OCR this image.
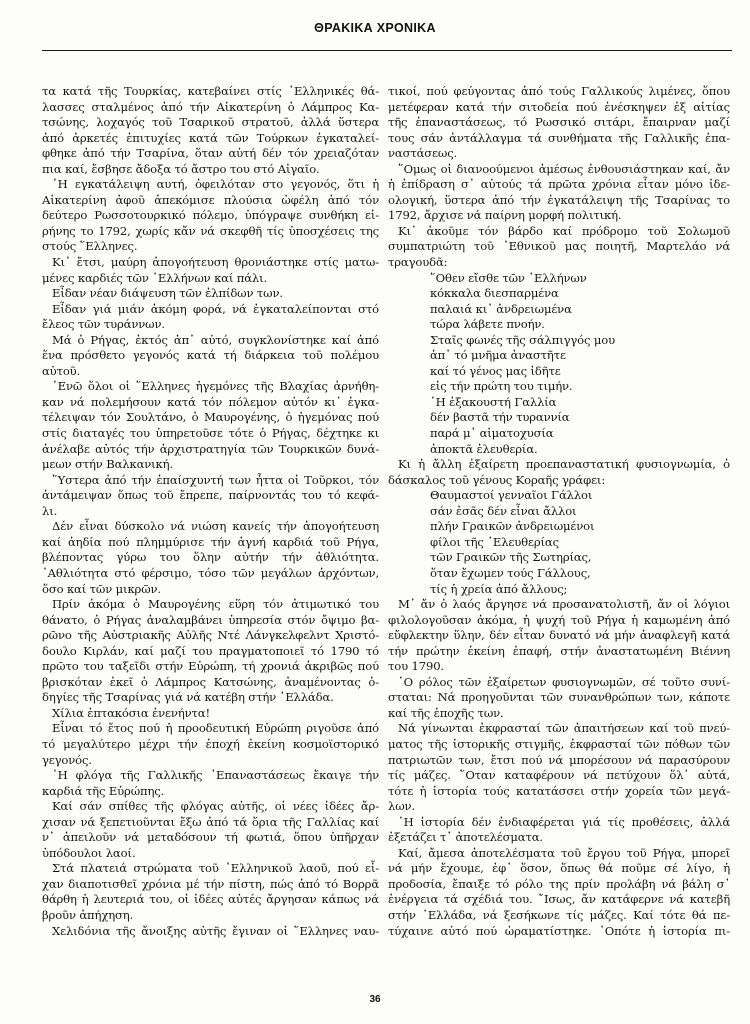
ΘΡΑΚΙΚΑ ΧΡΟΝΙΚΑ
τα κατά τῆς Τουρκίας, κατεβαίνει στίς ῾Ελληνικές θά-
λασσες σταλμένος ἀπό τήν Αἰκατερίνη ὁ Λάμπρος Κα-
τσώνης, λοχαγός τοῦ Τσαρικοῦ στρατοῦ, ἀλλά ὕστερα
ἀπό ἀρκετές ἐπιτυχίες κατά τῶν Τούρκων ἐγκαταλεί-
φθηκε ἀπό τήν Τσαρίνα, ὅταν αὐτή δέν τόν χρειαζόταν
πια καί, ἔσβησε ἄδοξα τό ἄστρο του στό Αἰγαῖο.
῾Η εγκατάλειψη αυτή, ὀφειλόταν στο γεγονός, ὅτι ἡ
Αἰκατερίνη ἀφοῦ ἀπεκόμισε πλούσια ὠφέλη ἀπό τόν
δεύτερο Ρωσσοτουρκικό πόλεμο, ὑπόγραψε συνθήκη εἰ-
ρήνης το 1792, χωρίς κἄν νά σκεφθῆ τίς ὑποσχέσεις της
στούς ῞Ελληνες.
Κι᾿ ἔτσι, μαύρη ἀπογοήτευση θρονιάστηκε στίς ματω-
μένες καρδιές τῶν ῾Ελλήνων καί πάλι.
Εἶδαν νέαν διάψευση τῶν ἐλπίδων των.
Εἶδαν γιά μιάν ἀκόμη φορά, νά ἐγκαταλείπονται στό
ἔλεος τῶν τυράννων.
Μά ὁ Ρήγας, ἐκτός ἀπ᾿ αὐτό, συγκλονίστηκε καί ἀπό
ἕνα πρόσθετο γεγονός κατά τή διάρκεια τοῦ πολέμου
αὐτοῦ.
῾Ενῶ ὅλοι οἱ ῞Ελληνες ἡγεμόνες τῆς Βλαχίας ἀρνήθη-
καν νά πολεμήσουν κατά τόν πόλεμον αὐτόν κι᾿ ἐγκα-
τέλειψαν τόν Σουλτάνο, ὁ Μαυρογένης, ὁ ἡγεμόνας πού
στίς διαταγές του ὑπηρετοῦσε τότε ὁ Ρήγας, δέχτηκε κι
ἀνέλαβε αὐτός τήν ἀρχιστρατηγία τῶν Τουρκικῶν δυνά-
μεων στήν Βαλκανική.
῞Υστερα ἀπό τήν ἐπαίσχυντή των ἧττα οἱ Τοῦρκοι, τόν
ἀντάμειψαν ὅπως τοῦ ἔπρεπε, παίρνοντάς του τό κεφά-
λι.
Δέν εἶναι δύσκολο νά νιώση κανείς τήν ἀπογοήτευση
καί ἀηδία πού πλημμύρισε τήν ἁγνή καρδιά τοῦ Ρήγα,
βλέποντας γύρω του ὅλην αὐτήν τήν ἀθλιότητα.
᾿Αθλιότητα στό φέρσιμο, τόσο τῶν μεγάλων ἀρχόντων,
ὅσο καί τῶν μικρῶν.
Πρίν ἀκόμα ὁ Μαυρογένης εὕρη τόν ἀτιμωτικό του
θάνατο, ὁ Ρήγας ἀναλαμβάνει ὑπηρεσία στόν ὄψιμο βα-
ρῶνο τῆς Αὐστριακῆς Αὐλῆς Ντέ Λάνγκελφελντ Χριστό-
δουλο Κιρλάν, καί μαζί του πραγματοποιεῖ τό 1790 τό
πρῶτο του ταξεῖδι στήν Εὐρώπη, τή χρονιά ἀκριβῶς πού
βρισκόταν ἐκεῖ ὁ Λάμπρος Κατσώνης, ἀναμένοντας ὁ-
δηγίες τῆς Τσαρίνας γιά νά κατέβη στήν ῾Ελλάδα.
Χίλια ἑπτακόσια ἐνενήντα!
Εἶναι τό ἔτος πού ἡ προοδευτική Εὐρώπη ριγοῦσε ἀπό
τό μεγαλύτερο μέχρι τήν ἐποχή ἐκείνη κοσμοϊστορικό
γεγονός.
῾Η φλόγα τῆς Γαλλικῆς ᾿Επαναστάσεως ἔκαιγε τήν
καρδιά τῆς Εὐρώπης.
Καί σάν σπίθες τῆς φλόγας αὐτῆς, οἱ νέες ἰδέες ἄρ-
χισαν νά ξεπετιοῦνται ἔξω ἀπό τά ὅρια τῆς Γαλλίας καί
ν᾿ ἀπειλοῦν νά μεταδόσουν τή φωτιά, ὅπου ὑπῆρχαν
ὑπόδουλοι λαοί.
Στά πλατειά στρώματα τοῦ ῾Ελληνικοῦ λαοῦ, πού εἶ-
χαν διαποτισθεῖ χρόνια μέ τήν πίστη, πώς ἀπό τό Βορρᾶ
θάρθη ἡ λευτεριά του, οἱ ἰδέες αὐτές ἄργησαν κάπως νά
βροῦν ἀπήχηση.
Χελιδόνια τῆς ἄνοιξης αὐτῆς ἔγιναν οἱ ῞Ελληνες ναυ-
τικοί, πού φεύγοντας ἀπό τούς Γαλλικούς λιμένες, ὅπου
μετέφεραν κατά τήν σιτοδεία πού ἐνέσκηψεν ἐξ αἰτίας
τῆς ἐπαναστάσεως, τό Ρωσσικό σιτάρι, ἔπαιρναν μαζί
τους σάν ἀντάλλαγμα τά συνθήματα τῆς Γαλλικῆς ἐπα-
ναστάσεως.
῞Ομως οἱ διανοούμενοι ἀμέσως ἐνθουσιάστηκαν καί, ἄν
ἡ ἐπίδραση σ᾿ αὐτούς τά πρῶτα χρόνια εἶταν μόνο ἰδε-
ολογική, ὕστερα ἀπό τήν ἐγκατάλειψη τῆς Τσαρίνας το
1792, ἄρχισε νά παίρνη μορφή πολιτική.
Κι᾿ ἀκοῦμε τόν βάρδο καί πρόδρομο τοῦ Σολωμοῦ
συμπατριώτη τοῦ ᾿Εθνικοῦ μας ποιητῆ, Μαρτελάο νά
τραγουδᾶ:
῞Οθεν εἴσθε τῶν ῾Ελλήνων
κόκκαλα διεσπαρμένα
παλαιά κι᾿ ἀνδρειωμένα
τώρα λάβετε πνοήν.
Σταῖς φωνές τῆς σάλπιγγός μου
ἀπ᾿ τό μνῆμα ἀναστῆτε
καί τό γένος μας ἰδῆτε
εἰς τήν πρώτη του τιμήν.
῾Η ἐξακουστή Γαλλία
δέν βαστᾶ τήν τυραννία
παρά μ᾿ αἱματοχυσία
ἀποκτᾶ ἐλευθερία.
Κι ἡ ἄλλη ἐξαίρετη προεπαναστατική φυσιογνωμία, ὁ
δάσκαλος τοῦ γένους Κοραῆς γράφει:
Θαυμαστοί γενναῖοι Γάλλοι
σάν ἐσᾶς δέν εἶναι ἄλλοι
πλήν Γραικῶν ἀνδρειωμένοι
φίλοι τῆς ᾿Ελευθερίας
τῶν Γραικῶν τῆς Σωτηρίας,
ὅταν ἔχωμεν τούς Γάλλους,
τίς ἡ χρεία ἀπό ἄλλους;
Μ᾿ ἄν ὁ λαός ἄργησε νά προσανατολιστῆ, ἄν οἱ λόγιοι
φιλολογοῦσαν ἀκόμα, ἡ ψυχή τοῦ Ρήγα ἡ καμωμένη ἀπό
εὔφλεκτην ὕλην, δέν εἶταν δυνατό νά μήν ἀναφλεγῆ κατά
τήν πρώτην ἐκείνη ἐπαφή, στήν ἀναστατωμένη Βιέννη
του 1790.
῾Ο ρόλος τῶν ἐξαίρετων φυσιογνωμῶν, σέ τοῦτο συνί-
σταται: Νά προηγοῦνται τῶν συνανθρώπων των, κάποτε
καί τῆς ἐποχῆς των.
Νά γίνωνται ἐκφρασταί τῶν ἀπαιτήσεων καί τοῦ πνεύ-
ματος τῆς ἱστορικῆς στιγμῆς, ἐκφρασταί τῶν πόθων τῶν
πατριωτῶν των, ἔτσι πού νά μπορέσουν νά παρασύρουν
τίς μάζες. ῞Οταν καταφέρουν νά πετύχουν ὅλ᾿ αὐτά,
τότε ἡ ἱστορία τούς κατατάσσει στήν χορεία τῶν μεγά-
λων.
῾Η ἱστορία δέν ἐνδιαφέρεται γιά τίς προθέσεις, ἀλλά
ἐξετάζει τ᾿ ἀποτελέσματα.
Καί, ἄμεσα ἀποτελέσματα τοῦ ἔργου τοῦ Ρήγα, μπορεῖ
νά μήν ἔχουμε, ἐφ᾿ ὅσον, ὅπως θά ποῦμε σέ λίγο, ἡ
προδοσία, ἔπαιξε τό ρόλο της πρίν προλάβη νά βάλη σ᾿
ἐνέργεια τά σχέδιά του. ῎Ισως, ἄν κατάφερνε νά κατεβῆ
στήν ῾Ελλάδα, νά ξεσήκωνε τίς μάζες. Καί τότε θά πε-
τύχαινε αὐτό πού ὠραματίστηκε. ᾿Οπότε ἡ ἱστορία πι-
36
